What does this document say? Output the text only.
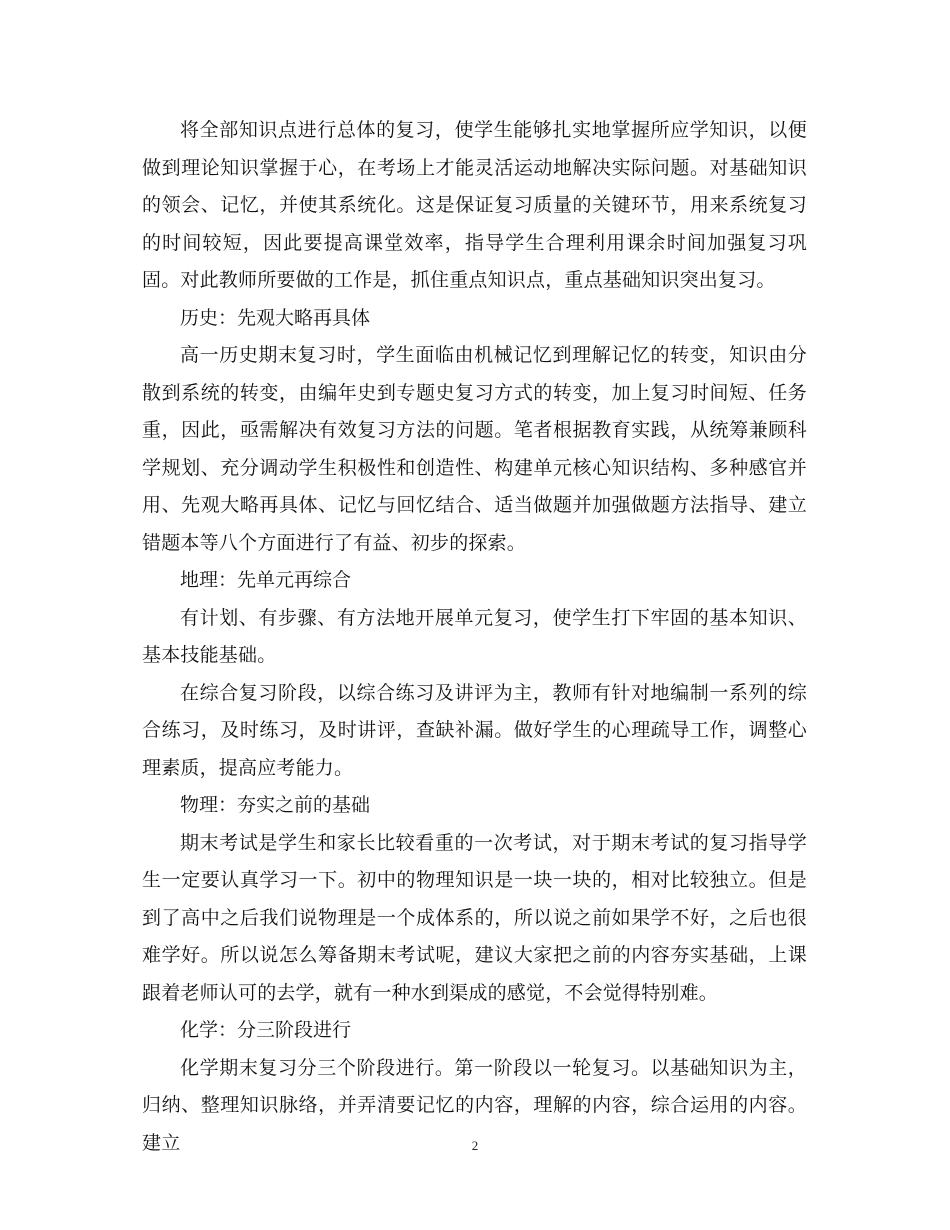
将全部知识点进行总体的复习，使学生能够扎实地掌握所应学知识，以便做到理论知识掌握于心，在考场上才能灵活运动地解决实际问题。对基础知识的领会、记忆，并使其系统化。这是保证复习质量的关键环节，用来系统复习的时间较短，因此要提高课堂效率，指导学生合理利用课余时间加强复习巩固。对此教师所要做的工作是，抓住重点知识点，重点基础知识突出复习。

历史：先观大略再具体

高一历史期末复习时，学生面临由机械记忆到理解记忆的转变，知识由分散到系统的转变，由编年史到专题史复习方式的转变，加上复习时间短、任务重，因此，亟需解决有效复习方法的问题。笔者根据教育实践，从统筹兼顾科学规划、充分调动学生积极性和创造性、构建单元核心知识结构、多种感官并用、先观大略再具体、记忆与回忆结合、适当做题并加强做题方法指导、建立错题本等八个方面进行了有益、初步的探索。

地理：先单元再综合

有计划、有步骤、有方法地开展单元复习，使学生打下牢固的基本知识、 基本技能基础。

在综合复习阶段，以综合练习及讲评为主，教师有针对地编制一系列的综合练习，及时练习，及时讲评，查缺补漏。做好学生的心理疏导工作，调整心理素质，提高应考能力。

物理：夯实之前的基础

期末考试是学生和家长比较看重的一次考试，对于期末考试的复习指导学生一定要认真学习一下。初中的物理知识是一块一块的，相对比较独立。但是到了高中之后我们说物理是一个成体系的，所以说之前如果学不好，之后也很难学好。所以说怎么筹备期末考试呢，建议大家把之前的内容夯实基础，上课跟着老师认可的去学，就有一种水到渠成的感觉，不会觉得特别难。

化学：分三阶段进行

化学期末复习分三个阶段进行。第一阶段以一轮复习。以基础知识为主，归纳、整理知识脉络，并弄清要记忆的内容，理解的内容，综合运用的内容。建立	2
